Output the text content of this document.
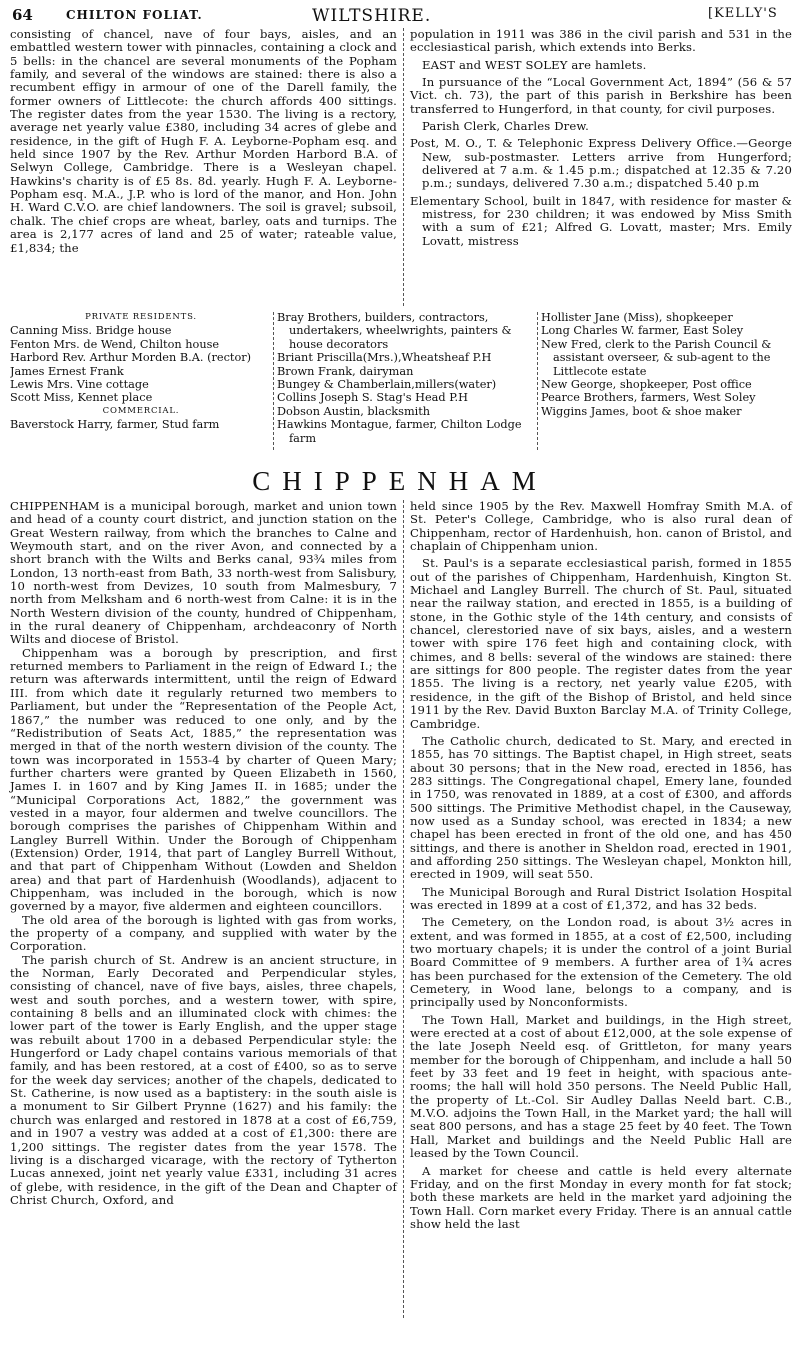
64	CHILTON FOLIAT.	WILTSHIRE.	[KELLY'S

consisting of chancel, nave of four bays, aisles, and an embattled western tower with pinnacles, containing a clock and 5 bells: in the chancel are several monuments of the Popham family, and several of the windows are stained: there is also a recumbent effigy in armour of one of the Darell family, the former owners of Littlecote: the church affords 400 sittings. The register dates from the year 1530. The living is a rectory, average net yearly value £380, including 34 acres of glebe and residence, in the gift of Hugh F. A. Leyborne-Popham esq. and held since 1907 by the Rev. Arthur Morden Harbord B.A. of Selwyn College, Cambridge. There is a Wesleyan chapel. Hawkins's charity is of £5 8s. 8d. yearly. Hugh F. A. Leyborne-Popham esq. M.A., J.P. who is lord of the manor, and Hon. John H. Ward C.V.O. are chief landowners. The soil is gravel; subsoil, chalk. The chief crops are wheat, barley, oats and turnips. The area is 2,177 acres of land and 25 of water; rateable value, £1,834; the

population in 1911 was 386 in the civil parish and 531 in the ecclesiastical parish, which extends into Berks.

EAST and WEST SOLEY are hamlets.

In pursuance of the “Local Government Act, 1894” (56 & 57 Vict. ch. 73), the part of this parish in Berkshire has been transferred to Hungerford, in that county, for civil purposes.

Parish Clerk, Charles Drew.

Post, M. O., T. & Telephonic Express Delivery Office.—George New, sub-postmaster. Letters arrive from Hungerford; delivered at 7 a.m. & 1.45 p.m.; dispatched at 12.35 & 7.20 p.m.; sundays, delivered 7.30 a.m.; dispatched 5.40 p.m

Elementary School, built in 1847, with residence for master & mistress, for 230 children; it was endowed by Miss Smith with a sum of £21; Alfred G. Lovatt, master; Mrs. Emily Lovatt, mistress

PRIVATE RESIDENTS.
Canning Miss. Bridge house
Fenton Mrs. de Wend, Chilton house
Harbord Rev. Arthur Morden B.A. (rector)
James Ernest Frank
Lewis Mrs. Vine cottage
Scott Miss, Kennet place
COMMERCIAL.
Baverstock Harry, farmer, Stud farm
Bray Brothers, builders, contractors, undertakers, wheelwrights, painters & house decorators
Briant Priscilla(Mrs.),Wheatsheaf P.H
Brown Frank, dairyman
Bungey & Chamberlain,millers(water)
Collins Joseph S. Stag's Head P.H
Dobson Austin, blacksmith
Hawkins Montague, farmer, Chilton Lodge farm
Hollister Jane (Miss), shopkeeper
Long Charles W. farmer, East Soley
New Fred, clerk to the Parish Council & assistant overseer, & sub-agent to the Littlecote estate
New George, shopkeeper, Post office
Pearce Brothers, farmers, West Soley
Wiggins James, boot & shoe maker
CHIPPENHAM

CHIPPENHAM is a municipal borough, market and union town and head of a county court district, and junction station on the Great Western railway, from which the branches to Calne and Weymouth start, and on the river Avon, and connected by a short branch with the Wilts and Berks canal, 93¾ miles from London, 13 north-east from Bath, 33 north-west from Salisbury, 10 north-west from Devizes, 10 south from Malmesbury, 7 north from Melksham and 6 north-west from Calne: it is in the North Western division of the county, hundred of Chippenham, in the rural deanery of Chippenham, archdeaconry of North Wilts and diocese of Bristol.

Chippenham was a borough by prescription, and first returned members to Parliament in the reign of Edward I.; the return was afterwards intermittent, until the reign of Edward III. from which date it regularly returned two members to Parliament, but under the “Representation of the People Act, 1867,” the number was reduced to one only, and by the “Redistribution of Seats Act, 1885,” the representation was merged in that of the north western division of the county. The town was incorporated in 1553-4 by charter of Queen Mary; further charters were granted by Queen Elizabeth in 1560, James I. in 1607 and by King James II. in 1685; under the “Municipal Corporations Act, 1882,” the government was vested in a mayor, four aldermen and twelve councillors. The borough comprises the parishes of Chippenham Within and Langley Burrell Within. Under the Borough of Chippenham (Extension) Order, 1914, that part of Langley Burrell Without, and that part of Chippenham Without (Lowden and Sheldon area) and that part of Hardenhuish (Woodlands), adjacent to Chippenham, was included in the borough, which is now governed by a mayor, five aldermen and eighteen councillors.

The old area of the borough is lighted with gas from works, the property of a company, and supplied with water by the Corporation.

The parish church of St. Andrew is an ancient structure, in the Norman, Early Decorated and Perpendicular styles, consisting of chancel, nave of five bays, aisles, three chapels, west and south porches, and a western tower, with spire, containing 8 bells and an illuminated clock with chimes: the lower part of the tower is Early English, and the upper stage was rebuilt about 1700 in a debased Perpendicular style: the Hungerford or Lady chapel contains various memorials of that family, and has been restored, at a cost of £400, so as to serve for the week day services; another of the chapels, dedicated to St. Catherine, is now used as a baptistery: in the south aisle is a monument to Sir Gilbert Prynne (1627) and his family: the church was enlarged and restored in 1878 at a cost of £6,759, and in 1907 a vestry was added at a cost of £1,300: there are 1,200 sittings. The register dates from the year 1578. The living is a discharged vicarage, with the rectory of Tytherton Lucas annexed, joint net yearly value £331, including 31 acres of glebe, with residence, in the gift of the Dean and Chapter of Christ Church, Oxford, and

held since 1905 by the Rev. Maxwell Homfray Smith M.A. of St. Peter's College, Cambridge, who is also rural dean of Chippenham, rector of Hardenhuish, hon. canon of Bristol, and chaplain of Chippenham union.

St. Paul's is a separate ecclesiastical parish, formed in 1855 out of the parishes of Chippenham, Hardenhuish, Kington St. Michael and Langley Burrell. The church of St. Paul, situated near the railway station, and erected in 1855, is a building of stone, in the Gothic style of the 14th century, and consists of chancel, clerestoried nave of six bays, aisles, and a western tower with spire 176 feet high and containing clock, with chimes, and 8 bells: several of the windows are stained: there are sittings for 800 people. The register dates from the year 1855. The living is a rectory, net yearly value £205, with residence, in the gift of the Bishop of Bristol, and held since 1911 by the Rev. David Buxton Barclay M.A. of Trinity College, Cambridge.

The Catholic church, dedicated to St. Mary, and erected in 1855, has 70 sittings. The Baptist chapel, in High street, seats about 30 persons; that in the New road, erected in 1856, has 283 sittings. The Congregational chapel, Emery lane, founded in 1750, was renovated in 1889, at a cost of £300, and affords 500 sittings. The Primitive Methodist chapel, in the Causeway, now used as a Sunday school, was erected in 1834; a new chapel has been erected in front of the old one, and has 450 sittings, and there is another in Sheldon road, erected in 1901, and affording 250 sittings. The Wesleyan chapel, Monkton hill, erected in 1909, will seat 550.

The Municipal Borough and Rural District Isolation Hospital was erected in 1899 at a cost of £1,372, and has 32 beds.

The Cemetery, on the London road, is about 3½ acres in extent, and was formed in 1855, at a cost of £2,500, including two mortuary chapels; it is under the control of a joint Burial Board Committee of 9 members. A further area of 1¾ acres has been purchased for the extension of the Cemetery. The old Cemetery, in Wood lane, belongs to a company, and is principally used by Nonconformists.

The Town Hall, Market and buildings, in the High street, were erected at a cost of about £12,000, at the sole expense of the late Joseph Neeld esq. of Grittleton, for many years member for the borough of Chippenham, and include a hall 50 feet by 33 feet and 19 feet in height, with spacious ante-rooms; the hall will hold 350 persons. The Neeld Public Hall, the property of Lt.-Col. Sir Audley Dallas Neeld bart. C.B., M.V.O. adjoins the Town Hall, in the Market yard; the hall will seat 800 persons, and has a stage 25 feet by 40 feet. The Town Hall, Market and buildings and the Neeld Public Hall are leased by the Town Council.

A market for cheese and cattle is held every alternate Friday, and on the first Monday in every month for fat stock; both these markets are held in the market yard adjoining the Town Hall. Corn market every Friday. There is an annual cattle show held the last
